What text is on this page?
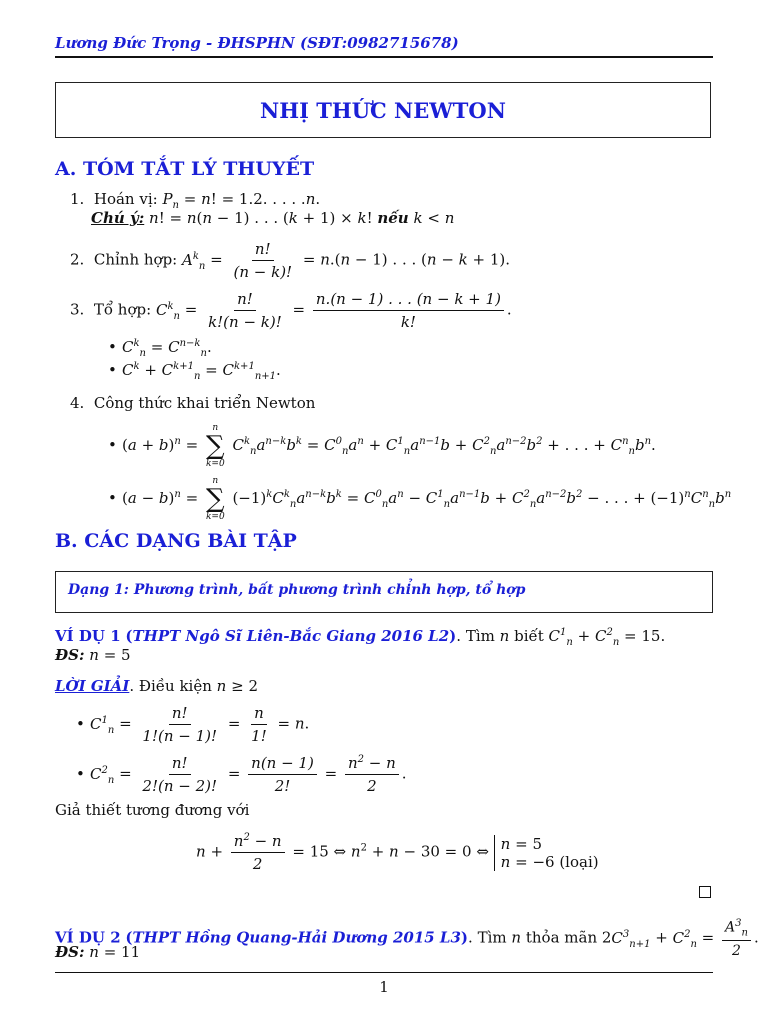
Lương Đức Trọng - ĐHSPHN (SĐT:0982715678)
NHỊ THỨC NEWTON
A. TÓM TẮT LÝ THUYẾT
1.  Hoán vị: $P_n = n$! = 1.2. . . . .n.
Chú ý: n! = n(n − 1) . . . (k + 1) × k! nếu k < n
2.  Chỉnh hợp: $A^k_n = \frac{n!}{(n - k)!} = n.(n - 1)$ . . . (n − k + 1).
3.  Tổ hợp: $C^k_n = \frac{n!}{k!(n - k)!} = \frac{n.(n - 1) . . . (n - k + 1)}{k!}$ .
• $C^k_n = C^{n-k}_n$.
• $C^k + C^{k+1}_n = C^{k+1}_{n+1}$.
4.  Công thức khai triển Newton
• $(a + b)^n$ =
n
∑
k=0
$C^k_na^{n-k}b^k = C^0_na^n + C^1_na^{n-1}b + C^2_na^{n-2}b^2$ + . . . + $C^n_nb^n$.
• $(a - b)^n$ =
n
∑
k=0
$(-1)^kC^k_na^{n-k}b^k = C^0_na^n - C^1_na^{n-1}b + C^2_na^{n-2}b^2$ − . . . + $(-1)^nC^n_nb^n$
B. CÁC DẠNG BÀI TẬP
Dạng 1: Phương trình, bất phương trình chỉnh hợp, tổ hợp
VÍ DỤ 1 (THPT Ngô Sĩ Liên-Bắc Giang 2016 L2). Tìm n biết $C^1_n + C^2_n = 15$.
ĐS: n = 5
LỜI GIẢI. Điều kiện n ≥ 2
• $C^1_n = \frac{n!}{1!(n - 1)!} = \frac{n}{1!} = n$.
• $C^2_n = \frac{n!}{2!(n - 2)!} = \frac{n(n - 1)}{2!} = \frac{n^2 - n}{2}$ .
Giả thiết tương đương với
$n + \frac{n^2 - n}{2} = 15$ ⇔ $n^2 + n - 30 = 0$ ⇔ n = 5
n = −6 (loại)
VÍ DỤ 2 (THPT Hồng Quang-Hải Dương 2015 L3). Tìm n thỏa mãn $2C^3_{n+1} + C^2_n = \frac{A^3_n}{2}$ .
ĐS: n = 11
1
